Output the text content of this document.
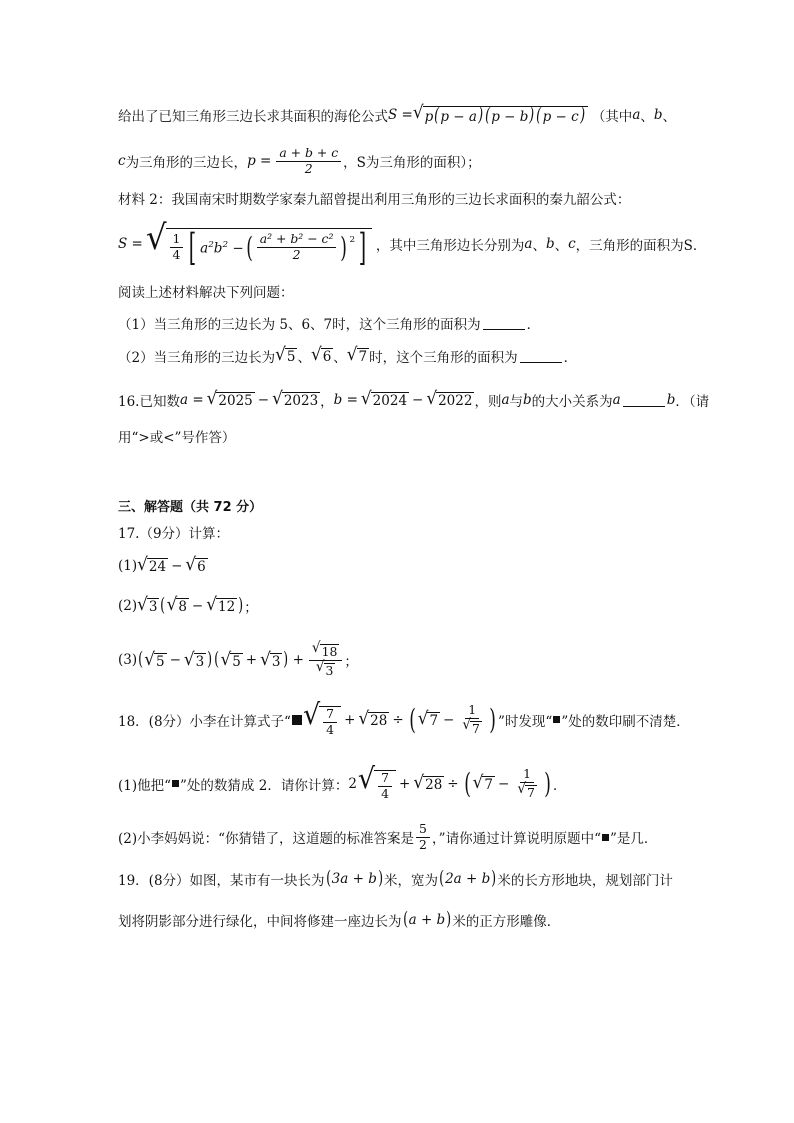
给出了已知三角形三边长求其面积的海伦公式 S = √ p(p − a) (p − b) (p − c) （其中 a 、 b 、
c 为三角形的三边长， $p = \frac{a + b + c}{2}$ ，S为三角形的面积）；
材料 2：我国南宋时期数学家秦九韶曾提出利用三角形的三边长求面积的秦九韶公式：
S = √ $\frac{1}{4}$ [ $a^2b^2$ − ( $\frac{\text{a² + b² − c²}}{2}$ ) $^2$ ] ，其中三角形边长分别为 a 、 b 、 c ，三角形的面积为S．
阅读上述材料解决下列问题：
（1）当三角形的三边长为 5、6、7时，这个三角形的面积为	．
（2）当三角形的三边长为 √ 5 、 √ 6 、 √ 7 时，这个三角形的面积为	．
16.已知数 a = √ 2025 − √ 2023 ， b = √ 2024 − √ 2022 ，则 a 与 b 的大小关系为 a	b ．（请
用“>或<”号作答）
三、解答题（共 72 分）
17.（9分）计算：
(1) √ 24 − √ 6
(2) √ 3 ( √ 8 − √ 12 ) ；
(3) ( √ 5 − √ 3 ) ( √ 5 + √ 3 ) + $\frac{√ 18}{√ 3}$ ；
18．(8分）小李在计算式子“ √ $\frac{7}{4}$ + √ 28 ÷ ( √ $7 - \frac{1}{√ 7}$ ) ”时发现“ ”处的数印刷不清楚．
(1)他把“ ”处的数猜成 2．请你计算： 2 √ $\frac{7}{4}$ + √ 28 ÷ ( √ $7 - \frac{1}{√ 7}$ ) ．
(2)小李妈妈说：“你猜错了，这道题的标准答案是 $\frac{5}{2}$ ，”请你通过计算说明原题中“ ”是几．
19．(8分）如图，某市有一块长为 ( 3a + b ) 米，宽为 ( 2a + b ) 米的长方形地块，规划部门计
划将阴影部分进行绿化，中间将修建一座边长为 ( a + b ) 米的正方形雕像．
